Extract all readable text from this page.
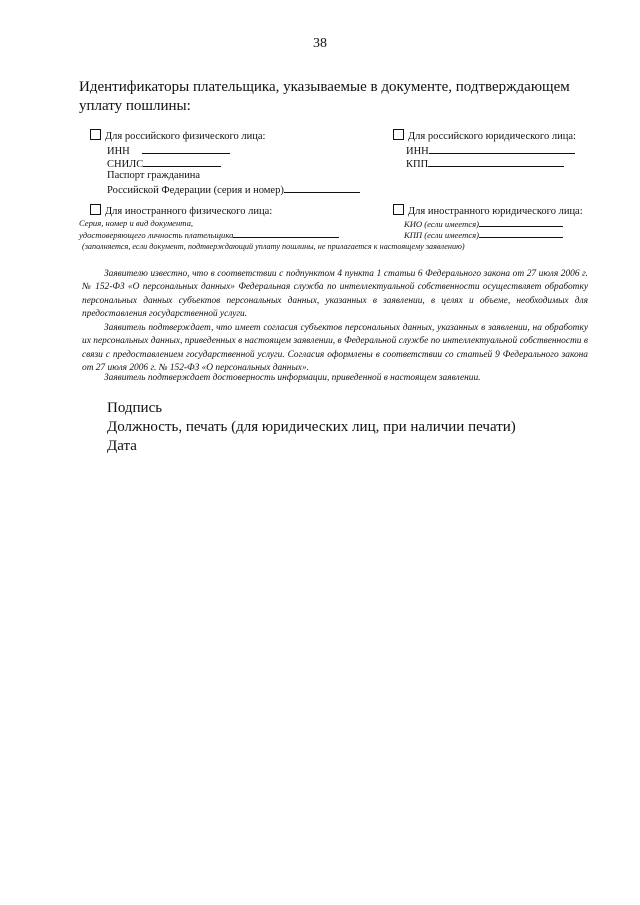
38
Идентификаторы плательщика, указываемые в документе, подтверждающем уплату пошлины:
Для российского физического лица:
ИНН
СНИЛС
Паспорт гражданина
Российской Федерации (серия и номер)
Для российского юридического лица:
ИНН
КПП
Для иностранного физического лица:
Серия, номер и вид документа,
удостоверяющего личность плательщика
Для иностранного юридического лица:
КИО (если имеется)
КПП (если имеется)
(заполняется, если документ, подтверждающий уплату пошлины, не прилагается к настоящему заявлению)
Заявителю известно, что в соответствии с подпунктом 4 пункта 1 статьи 6 Федерального закона от 27 июля 2006 г. № 152-ФЗ «О персональных данных» Федеральная служба по интеллектуальной собственности осуществляет обработку персональных данных субъектов персональных данных, указанных в заявлении, в целях и объеме, необходимых для предоставления государственной услуги.
Заявитель подтверждает, что имеет согласия субъектов персональных данных, указанных в заявлении, на обработку их персональных данных, приведенных в настоящем заявлении, в Федеральной службе по интеллектуальной собственности в связи с предоставлением государственной услуги. Согласия оформлены в соответствии со статьей 9 Федерального закона от 27 июля 2006 г. № 152-ФЗ «О персональных данных».
Заявитель подтверждает достоверность информации, приведенной в настоящем заявлении.
Подпись
Должность, печать (для юридических лиц, при наличии печати)
Дата
